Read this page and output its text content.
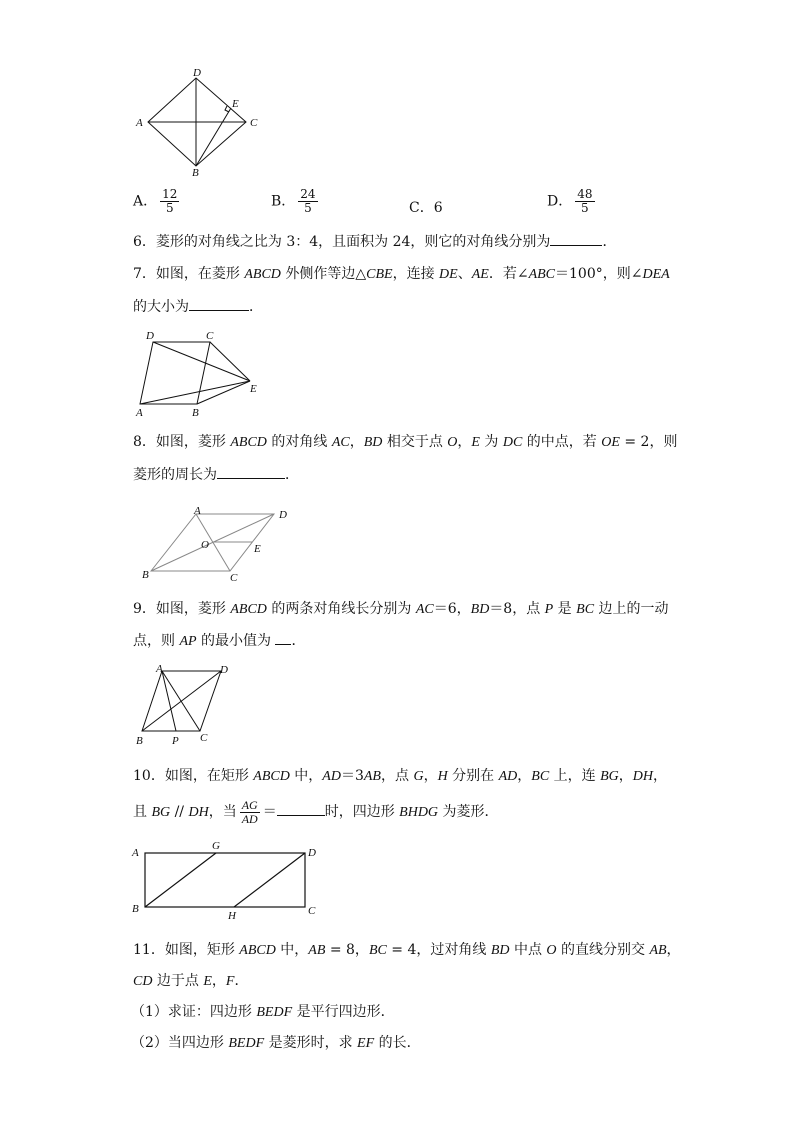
D
A	C
B
E
A． $\frac{12}{5}$	B． $\frac{24}{5}$	C．6	D． $\frac{48}{5}$
6．菱形的对角线之比为 3：4，且面积为 24，则它的对角线分别为	．
7．如图，在菱形 ABCD 外侧作等边△CBE，连接 DE、AE．若∠ABC＝100°，则∠DEA
的大小为	．
D	C
E
A	B
8．如图，菱形 ABCD 的对角线 AC，BD 相交于点 O，E 为 DC 的中点，若 OE = 2，则
菱形的周长为	．
A	D
O	E
B	C
9．如图，菱形 ABCD 的两条对角线长分别为 AC＝6，BD＝8，点 P 是 BC 边上的一动
点，则 AP 的最小值为 ．
A	D
B	P C
10．如图，在矩形 ABCD 中，AD＝3AB，点 G，H 分别在 AD，BC 上，连 BG，DH，
且 BG // DH，当 $\frac{AG}{AD}$ ＝	时，四边形 BHDG 为菱形．
A
G
D
B
H	C
11．如图，矩形 ABCD 中，AB = 8，BC = 4，过对角线 BD 中点 O 的直线分别交 AB，
CD 边于点 E，F．
（1）求证：四边形 BEDF 是平行四边形．
（2）当四边形 BEDF 是菱形时，求 EF 的长．
